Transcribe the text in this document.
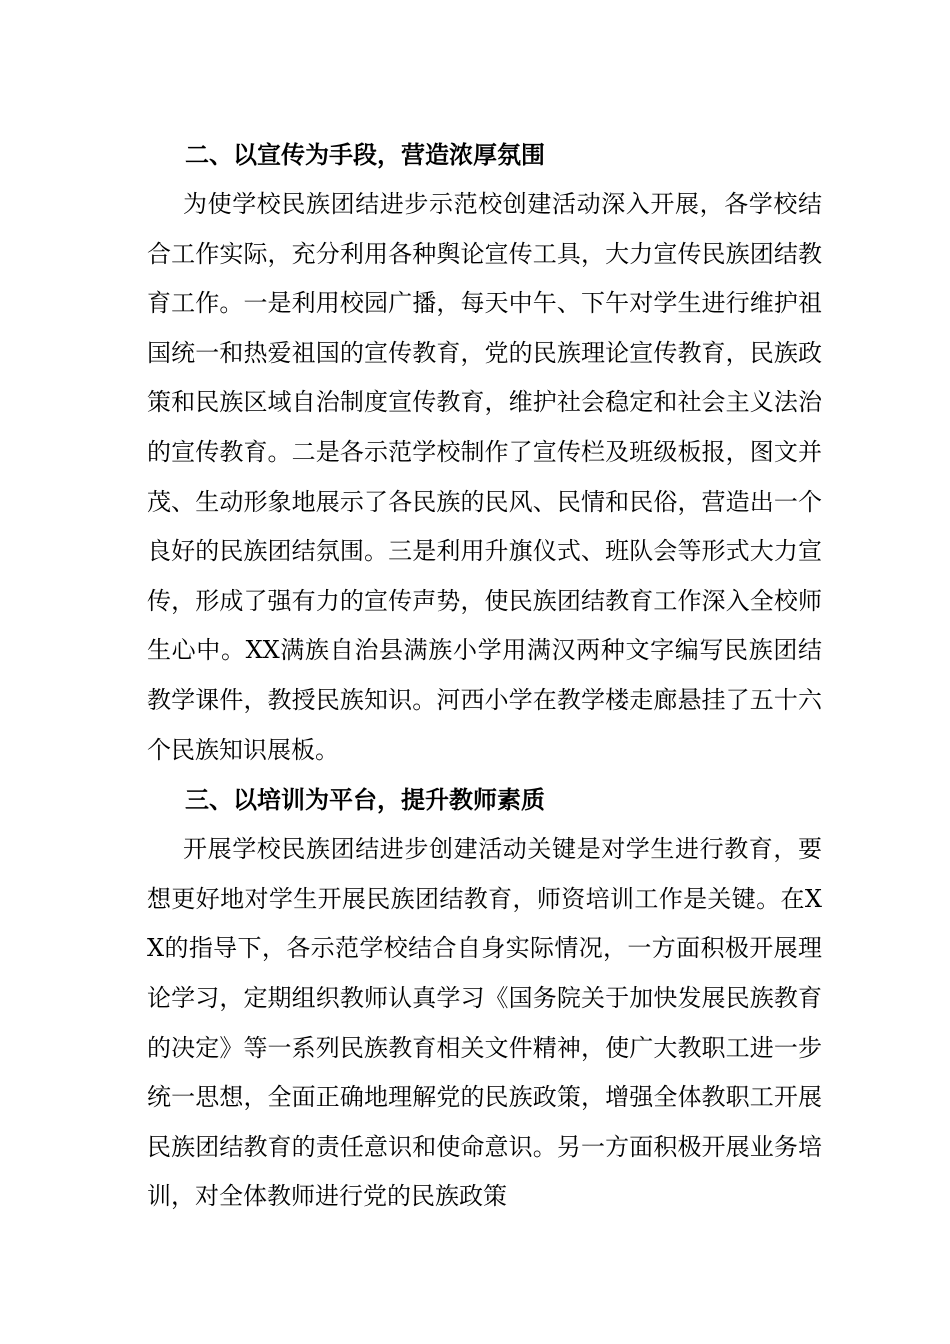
二、以宣传为手段，营造浓厚氛围

为使学校民族团结进步示范校创建活动深入开展，各学校结合工作实际，充分利用各种舆论宣传工具，大力宣传民族团结教育工作。一是利用校园广播，每天中午、下午对学生进行维护祖国统一和热爱祖国的宣传教育，党的民族理论宣传教育，民族政策和民族区域自治制度宣传教育，维护社会稳定和社会主义法治的宣传教育。二是各示范学校制作了宣传栏及班级板报，图文并茂、生动形象地展示了各民族的民风、民情和民俗，营造出一个良好的民族团结氛围。三是利用升旗仪式、班队会等形式大力宣传，形成了强有力的宣传声势，使民族团结教育工作深入全校师生心中。XX满族自治县满族小学用满汉两种文字编写民族团结教学课件，教授民族知识。河西小学在教学楼走廊悬挂了五十六个民族知识展板。

三、以培训为平台，提升教师素质

开展学校民族团结进步创建活动关键是对学生进行教育，要想更好地对学生开展民族团结教育，师资培训工作是关键。在XX的指导下，各示范学校结合自身实际情况，一方面积极开展理论学习，定期组织教师认真学习《国务院关于加快发展民族教育的决定》等一系列民族教育相关文件精神，使广大教职工进一步统一思想，全面正确地理解党的民族政策，增强全体教职工开展民族团结教育的责任意识和使命意识。另一方面积极开展业务培训，对全体教师进行党的民族政策
